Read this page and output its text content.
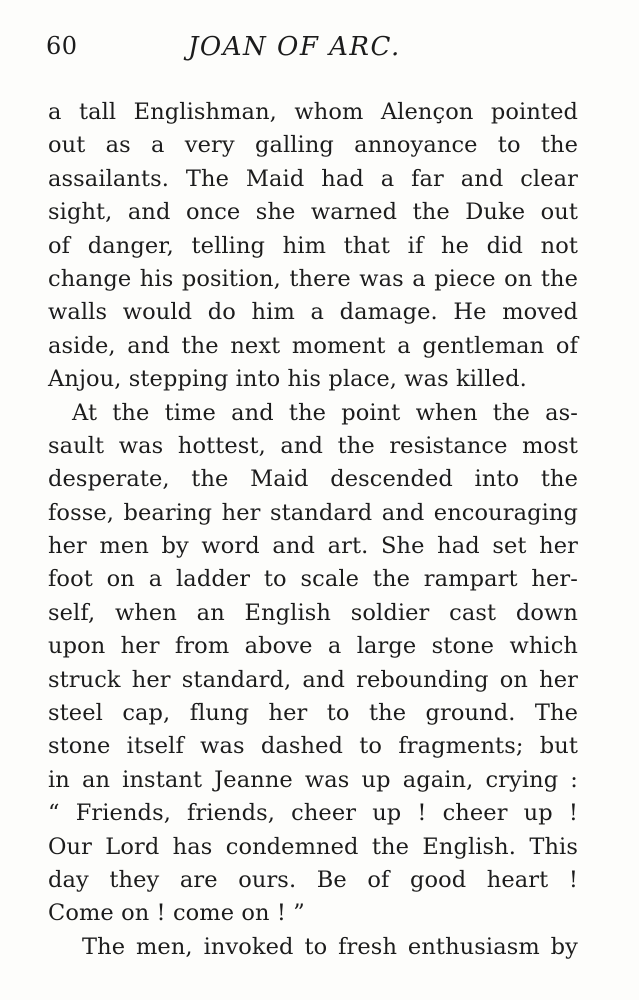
60	JOAN OF ARC.
a tall Englishman, whom Alençon pointed
out as a very galling annoyance to the
assailants. The Maid had a far and clear
sight, and once she warned the Duke out
of danger, telling him that if he did not
change his position, there was a piece on the
walls would do him a damage. He moved
aside, and the next moment a gentleman of
Anjou, stepping into his place, was killed.
At the time and the point when the as-
sault was hottest, and the resistance most
desperate, the Maid descended into the
fosse, bearing her standard and encouraging
her men by word and art. She had set her
foot on a ladder to scale the rampart her-
self, when an English soldier cast down
upon her from above a large stone which
struck her standard, and rebounding on her
steel cap, flung her to the ground. The
stone itself was dashed to fragments; but
in an instant Jeanne was up again, crying :
“ Friends, friends, cheer up ! cheer up !
Our Lord has condemned the English. This
day they are ours. Be of good heart !
Come on ! come on ! ”
The men, invoked to fresh enthusiasm by
